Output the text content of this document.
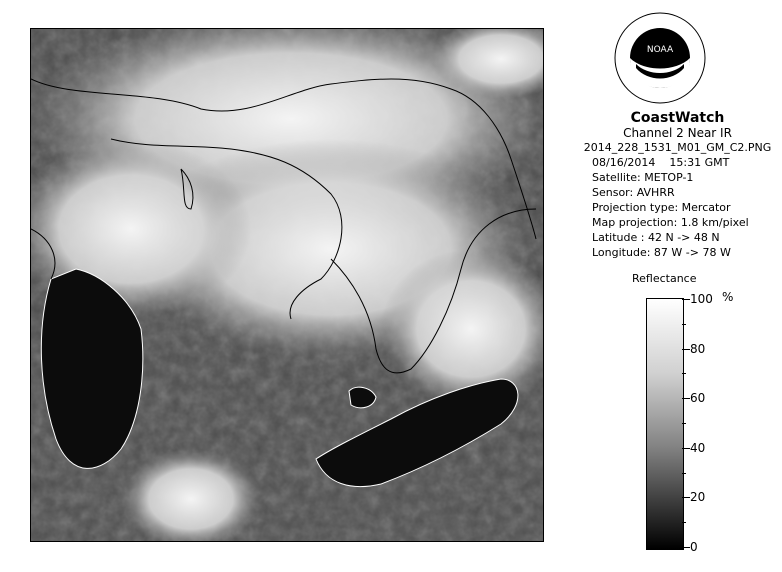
NOAA
CoastWatch
Channel 2 Near IR
2014_228_1531_M01_GM_C2.PNG
08/16/2014 15:31 GMT
Satellite: METOP-1
Sensor: AVHRR
Projection type: Mercator
Map projection: 1.8 km/pixel
Latitude : 42 N -> 48 N
Longitude: 87 W -> 78 W
Reflectance
%
100
80
60
40
20
0
